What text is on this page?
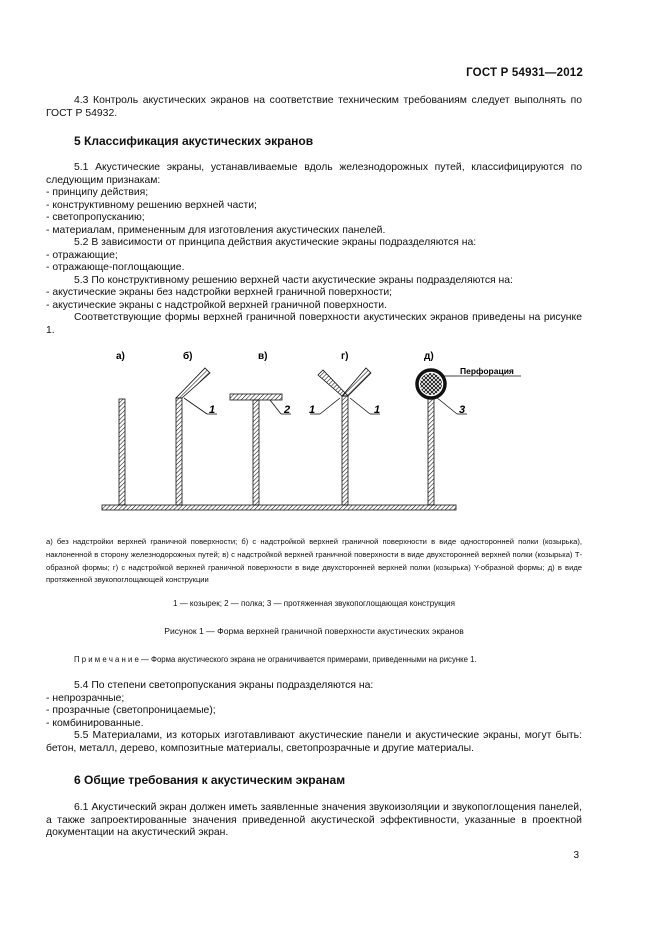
ГОСТ Р 54931—2012
4.3 Контроль акустических экранов на соответствие техническим требованиям следует выполнять по ГОСТ Р 54932.
5 Классификация акустических экранов
5.1 Акустические экраны, устанавливаемые вдоль железнодорожных путей, классифицируются по следующим признакам:
- принципу действия;
- конструктивному решению верхней части;
- светопропусканию;
- материалам, примененным для изготовления акустических панелей.
5.2 В зависимости от принципа действия акустические экраны подразделяются на:
- отражающие;
- отражающе-поглощающие.
5.3 По конструктивному решению верхней части акустические экраны подразделяются на:
- акустические экраны без надстройки верхней граничной поверхности;
- акустические экраны с надстройкой верхней граничной поверхности.
Соответствующие формы верхней граничной поверхности акустических экранов приведены на рисунке 1.
а)	б)	в)	г)	д)
Перфорация
1	2 1	1	3
а) без надстройки верхней граничной поверхности; б) с надстройкой верхней граничной поверхности в виде односторонней полки (козырька), наклоненной в сторону железнодорожных путей; в) с надстройкой верхней граничной поверхности в виде двухсторонней верхней полки (козырька) Т-образной формы; г) с надстройкой верхней граничной поверхности в виде двухсторонней верхней полки (козырька) Y-образной формы; д) в виде протяженной звукопоглощающей конструкции
1 — козырек; 2 — полка; 3 — протяженная звукопоглощающая конструкция
Рисунок 1 — Форма верхней граничной поверхности акустических экранов
П р и м е ч а н и е — Форма акустического экрана не ограничивается примерами, приведенными на рисунке 1.
5.4 По степени светопропускания экраны подразделяются на:
- непрозрачные;
- прозрачные (светопроницаемые);
- комбинированные.
5.5 Материалами, из которых изготавливают акустические панели и акустические экраны, могут быть: бетон, металл, дерево, композитные материалы, светопрозрачные и другие материалы.
6 Общие требования к акустическим экранам
6.1 Акустический экран должен иметь заявленные значения звукоизоляции и звукопоглощения панелей, а также запроектированные значения приведенной акустической эффективности, указанные в проектной документации на акустический экран.
3
